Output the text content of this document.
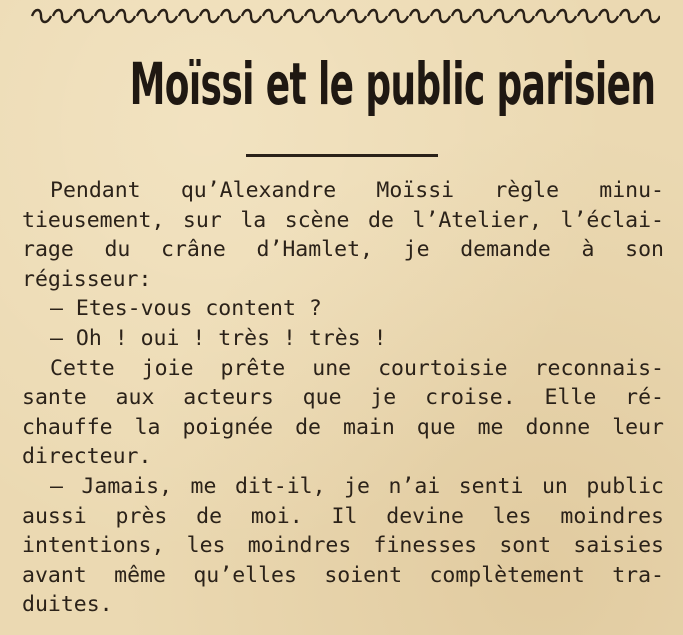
Moïssi et le public parisien
Pendant qu’Alexandre Moïssi règle minu-
tieusement, sur la scène de l’Atelier, l’éclai-
rage du crâne d’Hamlet, je demande à son
régisseur:
— Etes-vous content ?
— Oh ! oui ! très ! très !
Cette joie prête une courtoisie reconnais-
sante aux acteurs que je croise. Elle ré-
chauffe la poignée de main que me donne leur
directeur.
— Jamais, me dit-il, je n’ai senti un public
aussi près de moi. Il devine les moindres
intentions, les moindres finesses sont saisies
avant même qu’elles soient complètement tra-
duites.
